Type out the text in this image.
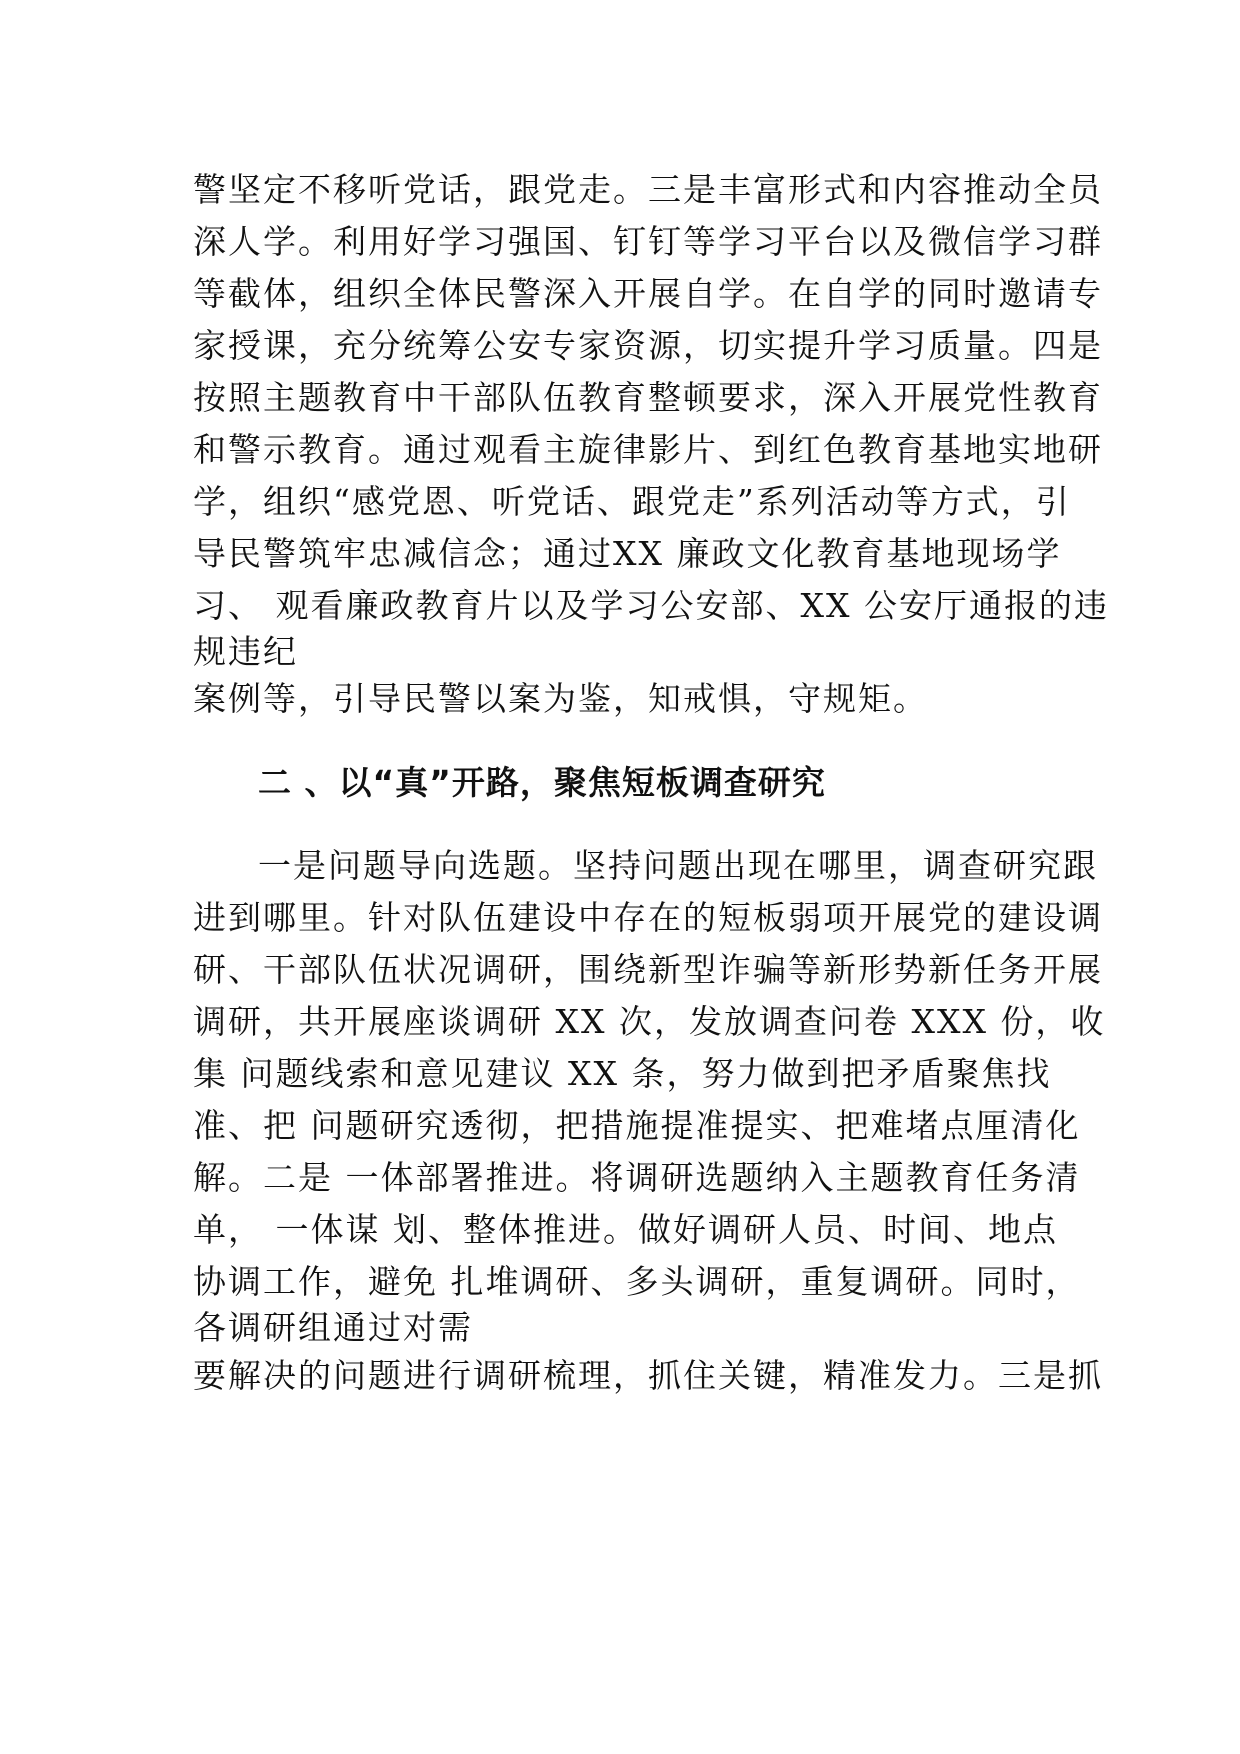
警坚定不移听党话，跟党走。三是丰富形式和内容推动全员
深人学。利用好学习强国、钉钉等学习平台以及微信学习群
等截体，组织全体民警深入开展自学。在自学的同时邀请专
家授课，充分统筹公安专家资源，切实提升学习质量。四是
按照主题教育中干部队伍教育整顿要求，深入开展党性教育
和警示教育。通过观看主旋律影片、到红色教育基地实地研
学，组织“感党恩、听党话、跟党走”系列活动等方式，引
导民警筑牢忠减信念；通过XX 廉政文化教育基地现场学
习、 观看廉政教育片以及学习公安部、XX 公安厅通报的违
规违纪
案例等，引导民警以案为鉴，知戒惧，守规矩。
二 、以“真”开路，聚焦短板调查研究
一是问题导向选题。坚持问题出现在哪里，调查研究跟
进到哪里。针对队伍建设中存在的短板弱项开展党的建设调
研、干部队伍状况调研，围绕新型诈骗等新形势新任务开展
调研，共开展座谈调研 XX 次，发放调查问卷 XXX 份，收
集 问题线索和意见建议 XX 条，努力做到把矛盾聚焦找
准、把 问题研究透彻，把措施提准提实、把难堵点厘清化
解。二是 一体部署推进。将调研选题纳入主题教育任务清
单， 一体谋 划、整体推进。做好调研人员、时间、地点
协调工作，避免 扎堆调研、多头调研，重复调研。同时，
各调研组通过对需
要解决的问题进行调研梳理，抓住关键，精准发力。三是抓
